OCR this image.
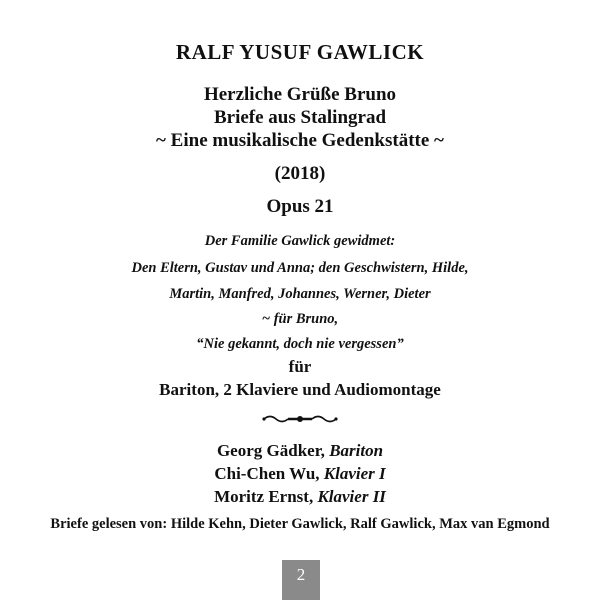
RALF YUSUF GAWLICK
Herzliche Grüße Bruno
Briefe aus Stalingrad
~ Eine musikalische Gedenkstätte ~
(2018)
Opus 21
Der Familie Gawlick gewidmet:
Den Eltern, Gustav und Anna; den Geschwistern, Hilde,
Martin, Manfred, Johannes, Werner, Dieter
~ für Bruno,
“Nie gekannt, doch nie vergessen”
für
Bariton, 2 Klaviere und Audiomontage
Georg Gädker, Bariton
Chi-Chen Wu, Klavier I
Moritz Ernst, Klavier II
Briefe gelesen von: Hilde Kehn, Dieter Gawlick, Ralf Gawlick, Max van Egmond
2
